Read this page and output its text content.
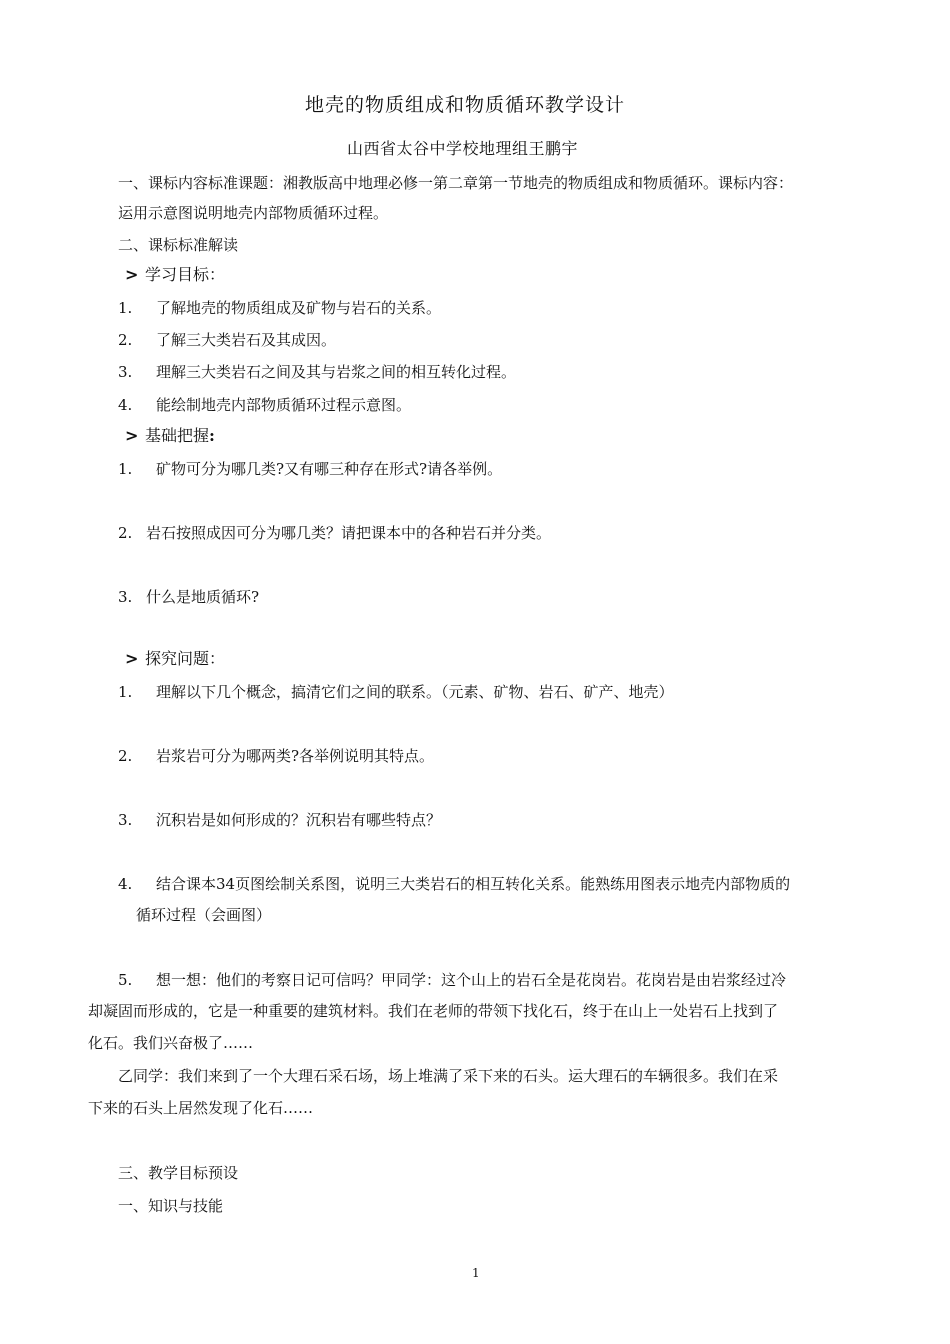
地壳的物质组成和物质循环教学设计
山西省太谷中学校地理组王鹏宇
一、课标内容标准课题：湘教版高中地理必修一第二章第一节地壳的物质组成和物质循环。课标内容：
运用示意图说明地壳内部物质循环过程。
二、课标标准解读
> 学习目标：
1. 了解地壳的物质组成及矿物与岩石的关系。
2. 了解三大类岩石及其成因。
3. 理解三大类岩石之间及其与岩浆之间的相互转化过程。
4. 能绘制地壳内部物质循环过程示意图。
> 基础把握:
1. 矿物可分为哪几类?又有哪三种存在形式?请各举例。
2. 岩石按照成因可分为哪几类？请把课本中的各种岩石并分类。
3. 什么是地质循环?
> 探究问题：
1. 理解以下几个概念，搞清它们之间的联系。（元素、矿物、岩石、矿产、地壳）
2. 岩浆岩可分为哪两类?各举例说明其特点。
3. 沉积岩是如何形成的？沉积岩有哪些特点？
4. 结合课本34页图绘制关系图，说明三大类岩石的相互转化关系。能熟练用图表示地壳内部物质的
循环过程（会画图）
5. 想一想：他们的考察日记可信吗？甲同学：这个山上的岩石全是花岗岩。花岗岩是由岩浆经过冷
却凝固而形成的，它是一种重要的建筑材料。我们在老师的带领下找化石，终于在山上一处岩石上找到了
化石。我们兴奋极了……
乙同学：我们来到了一个大理石采石场，场上堆满了采下来的石头。运大理石的车辆很多。我们在采
下来的石头上居然发现了化石……
三、教学目标预设
一、知识与技能
1
